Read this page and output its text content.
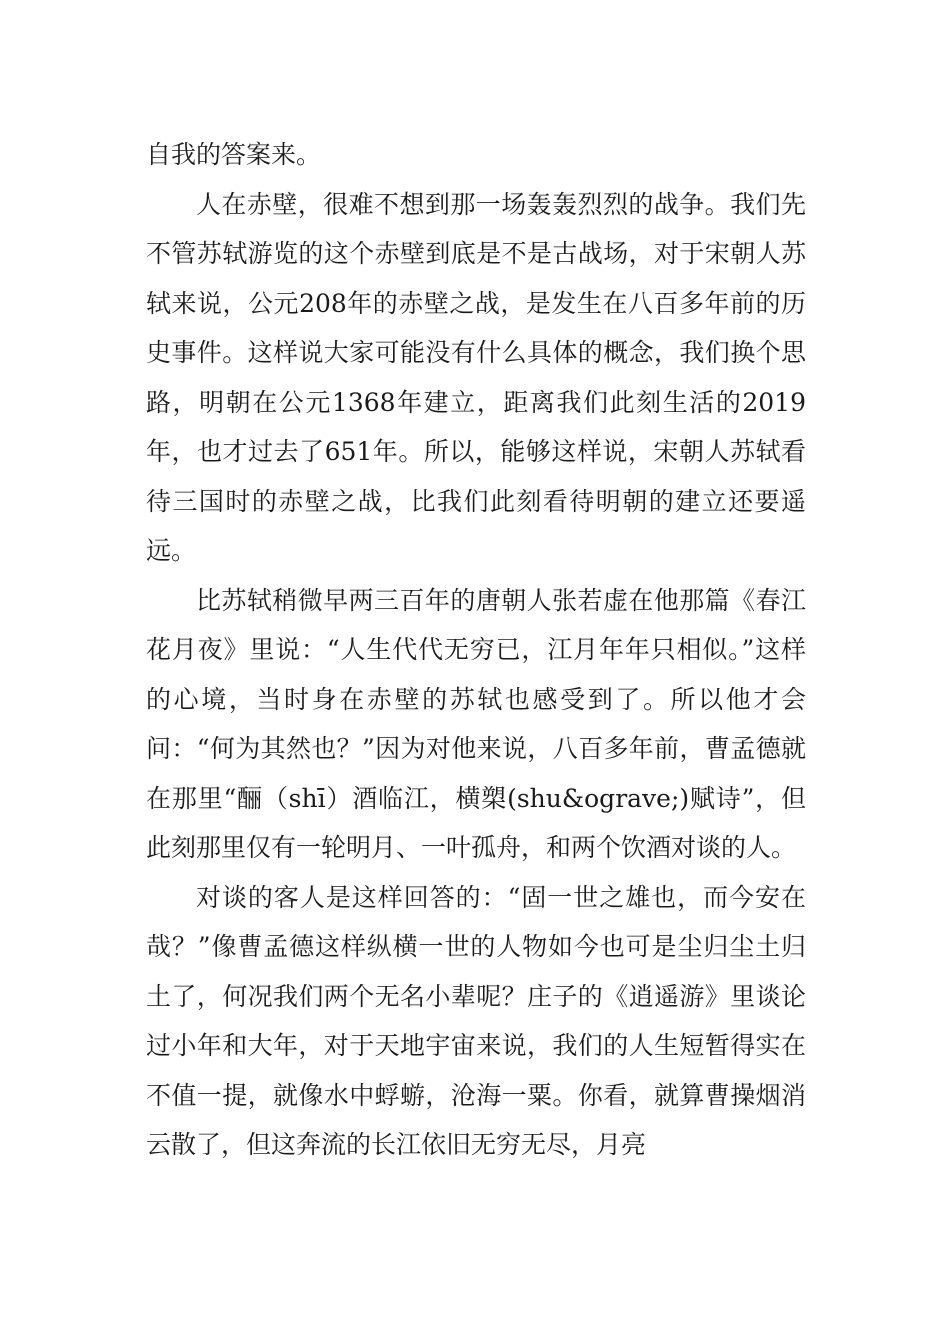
自我的答案来。

人在赤壁，很难不想到那一场轰轰烈烈的战争。我们先不管苏轼游览的这个赤壁到底是不是古战场，对于宋朝人苏轼来说，公元208年的赤壁之战，是发生在八百多年前的历史事件。这样说大家可能没有什么具体的概念，我们换个思路，明朝在公元1368年建立，距离我们此刻生活的2019年，也才过去了651年。所以，能够这样说，宋朝人苏轼看待三国时的赤壁之战，比我们此刻看待明朝的建立还要遥远。

比苏轼稍微早两三百年的唐朝人张若虚在他那篇《春江花月夜》里说：“人生代代无穷已，江月年年只相似。”这样的心境，当时身在赤壁的苏轼也感受到了。所以他才会问：“何为其然也？”因为对他来说，八百多年前，曹孟德就在那里“酾（shī）酒临江，横槊(shu&ograve;)赋诗”，但此刻那里仅有一轮明月、一叶孤舟，和两个饮酒对谈的人。

对谈的客人是这样回答的：“固一世之雄也，而今安在哉？”像曹孟德这样纵横一世的人物如今也可是尘归尘土归土了，何况我们两个无名小辈呢？庄子的《逍遥游》里谈论过小年和大年，对于天地宇宙来说，我们的人生短暂得实在不值一提，就像水中蜉蝣，沧海一粟。你看，就算曹操烟消云散了，但这奔流的长江依旧无穷无尽，月亮
